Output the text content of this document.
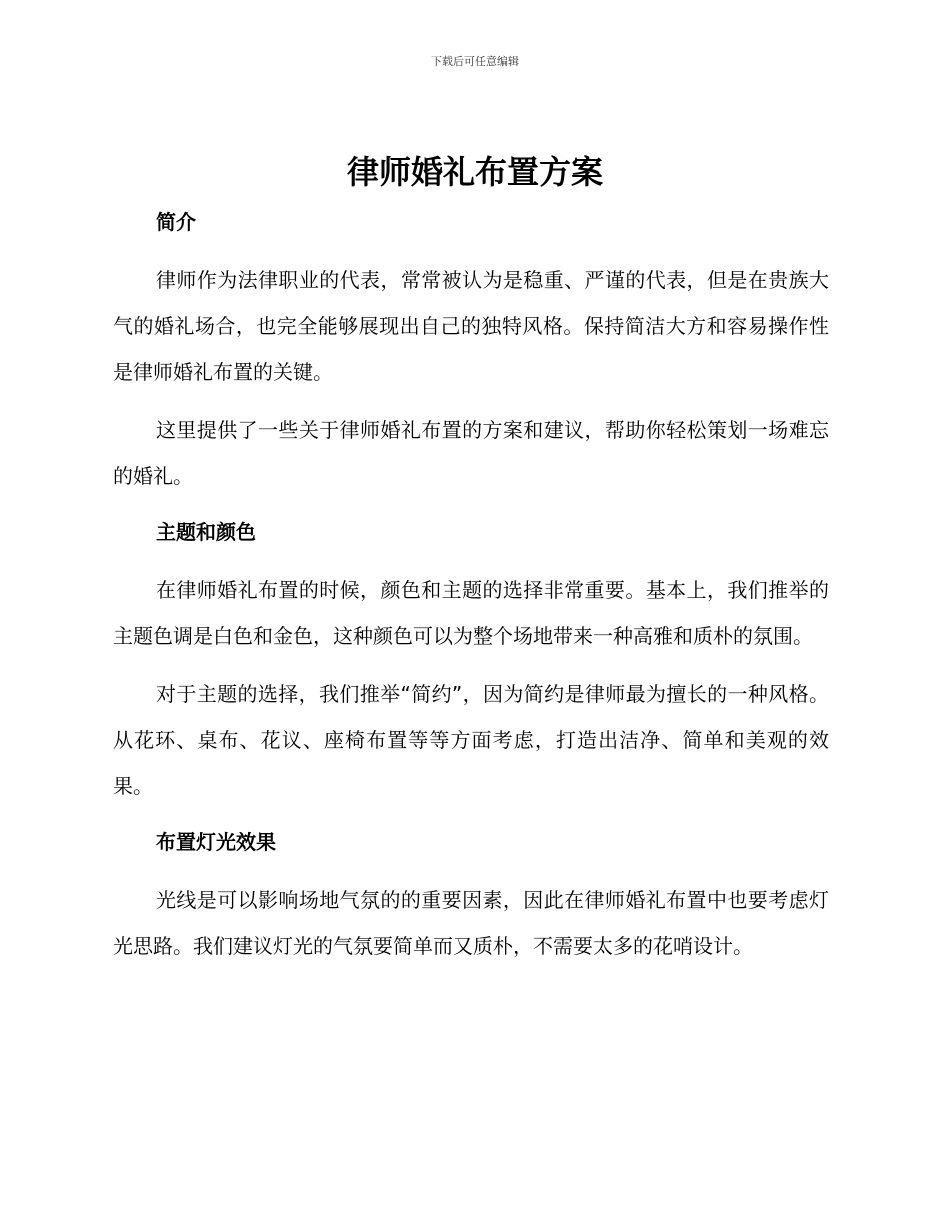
下载后可任意编辑
律师婚礼布置方案
简介

律师作为法律职业的代表，常常被认为是稳重、严谨的代表，但是在贵族大气的婚礼场合，也完全能够展现出自己的独特风格。保持简洁大方和容易操作性是律师婚礼布置的关键。

这里提供了一些关于律师婚礼布置的方案和建议，帮助你轻松策划一场难忘的婚礼。

主题和颜色

在律师婚礼布置的时候，颜色和主题的选择非常重要。基本上，我们推举的主题色调是白色和金色，这种颜色可以为整个场地带来一种高雅和质朴的氛围。

对于主题的选择，我们推举“简约”，因为简约是律师最为擅长的一种风格。从花环、桌布、花议、座椅布置等等方面考虑，打造出洁净、简单和美观的效果。

布置灯光效果

光线是可以影响场地气氛的的重要因素，因此在律师婚礼布置中也要考虑灯光思路。我们建议灯光的气氛要简单而又质朴，不需要太多的花哨设计。
